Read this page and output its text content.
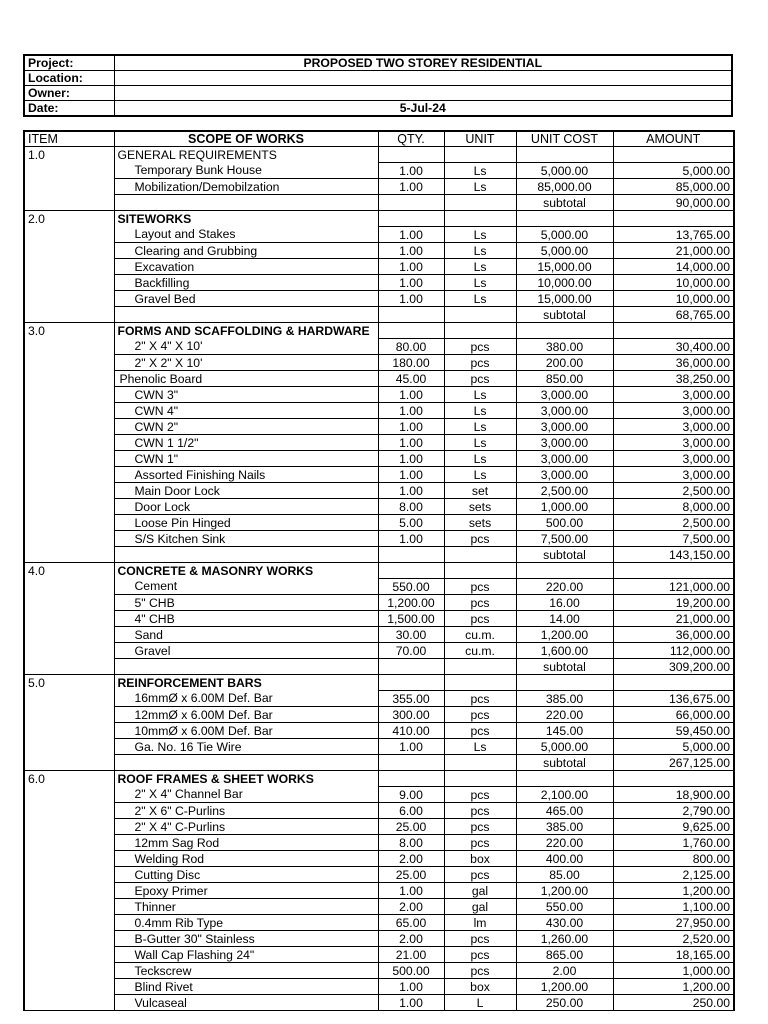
Project:	PROPOSED TWO STOREY RESIDENTIAL
Location:	
Owner:	
Date:	5-Jul-24
ITEM	SCOPE OF WORKS	QTY.	UNIT	UNIT COST	AMOUNT
1.0	GENERAL REQUIREMENTS				
	Temporary Bunk House	1.00	Ls	5,000.00	5,000.00
	Mobilization/Demobilzation	1.00	Ls	85,000.00	85,000.00
				subtotal	90,000.00
2.0	SITEWORKS				
	Layout and Stakes	1.00	Ls	5,000.00	13,765.00
	Clearing and Grubbing	1.00	Ls	5,000.00	21,000.00
	Excavation	1.00	Ls	15,000.00	14,000.00
	Backfilling	1.00	Ls	10,000.00	10,000.00
	Gravel Bed	1.00	Ls	15,000.00	10,000.00
				subtotal	68,765.00
3.0	FORMS AND SCAFFOLDING & HARDWARE				
	2" X 4" X 10'	80.00	pcs	380.00	30,400.00
	2" X 2" X 10'	180.00	pcs	200.00	36,000.00
	Phenolic Board	45.00	pcs	850.00	38,250.00
	CWN 3"	1.00	Ls	3,000.00	3,000.00
	CWN 4"	1.00	Ls	3,000.00	3,000.00
	CWN 2"	1.00	Ls	3,000.00	3,000.00
	CWN 1 1/2"	1.00	Ls	3,000.00	3,000.00
	CWN 1"	1.00	Ls	3,000.00	3,000.00
	Assorted Finishing Nails	1.00	Ls	3,000.00	3,000.00
	Main Door Lock	1.00	set	2,500.00	2,500.00
	Door Lock	8.00	sets	1,000.00	8,000.00
	Loose Pin Hinged	5.00	sets	500.00	2,500.00
	S/S Kitchen Sink	1.00	pcs	7,500.00	7,500.00
				subtotal	143,150.00
4.0	CONCRETE & MASONRY WORKS				
	Cement	550.00	pcs	220.00	121,000.00
	5" CHB	1,200.00	pcs	16.00	19,200.00
	4" CHB	1,500.00	pcs	14.00	21,000.00
	Sand	30.00	cu.m.	1,200.00	36,000.00
	Gravel	70.00	cu.m.	1,600.00	112,000.00
				subtotal	309,200.00
5.0	REINFORCEMENT BARS				
	16mmØ x 6.00M Def. Bar	355.00	pcs	385.00	136,675.00
	12mmØ x 6.00M Def. Bar	300.00	pcs	220.00	66,000.00
	10mmØ x 6.00M Def. Bar	410.00	pcs	145.00	59,450.00
	Ga. No. 16 Tie Wire	1.00	Ls	5,000.00	5,000.00
				subtotal	267,125.00
6.0	ROOF FRAMES & SHEET WORKS				
	2" X 4" Channel Bar	9.00	pcs	2,100.00	18,900.00
	2" X 6" C-Purlins	6.00	pcs	465.00	2,790.00
	2" X 4" C-Purlins	25.00	pcs	385.00	9,625.00
	12mm Sag Rod	8.00	pcs	220.00	1,760.00
	Welding Rod	2.00	box	400.00	800.00
	Cutting Disc	25.00	pcs	85.00	2,125.00
	Epoxy Primer	1.00	gal	1,200.00	1,200.00
	Thinner	2.00	gal	550.00	1,100.00
	0.4mm Rib Type	65.00	lm	430.00	27,950.00
	B-Gutter 30" Stainless	2.00	pcs	1,260.00	2,520.00
	Wall Cap Flashing 24"	21.00	pcs	865.00	18,165.00
	Teckscrew	500.00	pcs	2.00	1,000.00
	Blind Rivet	1.00	box	1,200.00	1,200.00
	Vulcaseal	1.00	L	250.00	250.00
